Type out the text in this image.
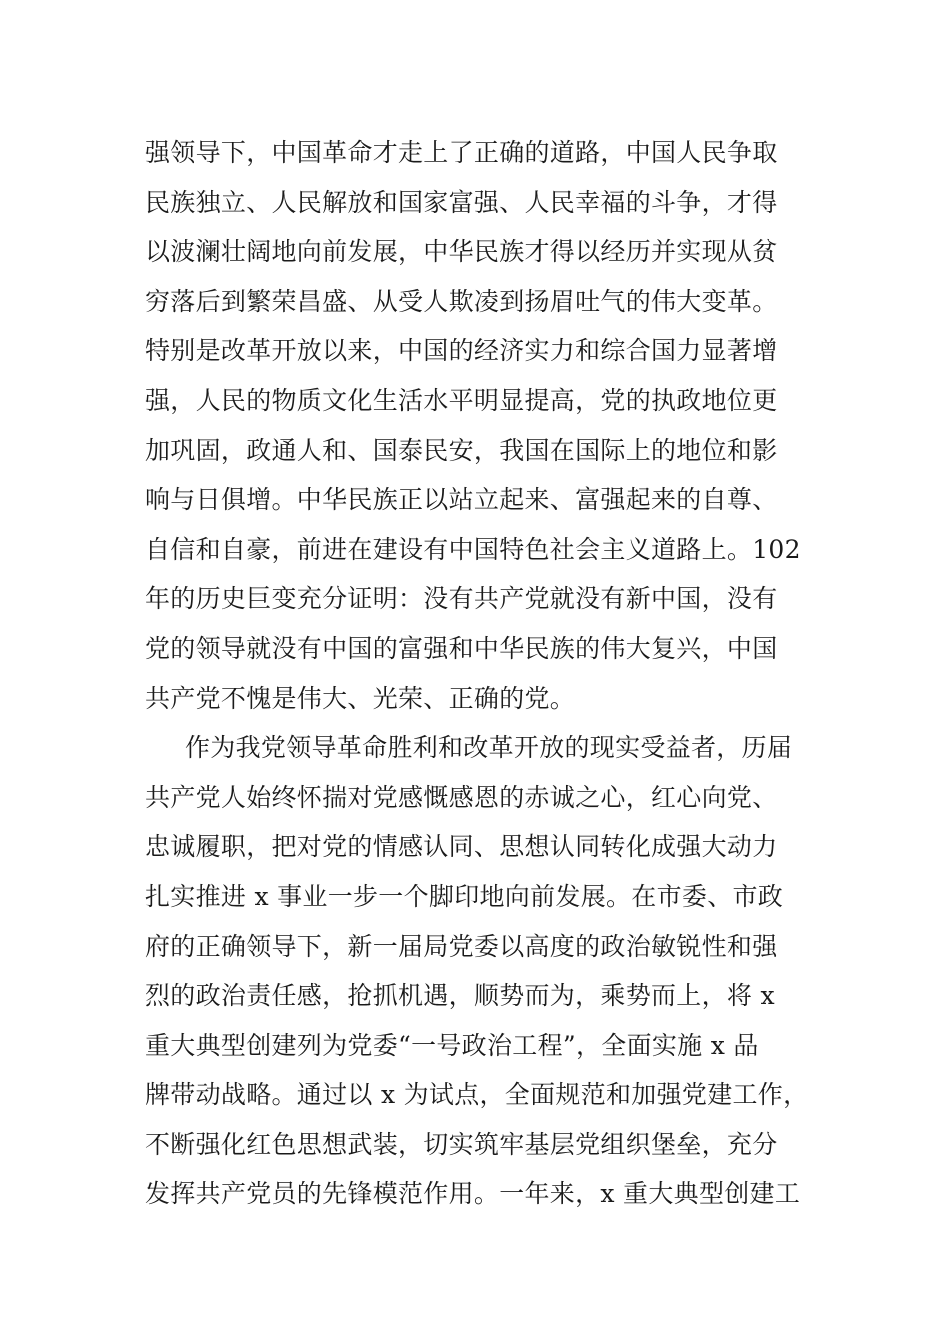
强领导下，中国革命才走上了正确的道路，中国人民争取
民族独立、人民解放和国家富强、人民幸福的斗争，才得
以波澜壮阔地向前发展，中华民族才得以经历并实现从贫
穷落后到繁荣昌盛、从受人欺凌到扬眉吐气的伟大变革。
特别是改革开放以来，中国的经济实力和综合国力显著增
强，人民的物质文化生活水平明显提高，党的执政地位更
加巩固，政通人和、国泰民安，我国在国际上的地位和影
响与日俱增。中华民族正以站立起来、富强起来的自尊、
自信和自豪，前进在建设有中国特色社会主义道路上。102
年的历史巨变充分证明：没有共产党就没有新中国，没有
党的领导就没有中国的富强和中华民族的伟大复兴，中国
共产党不愧是伟大、光荣、正确的党。
作为我党领导革命胜利和改革开放的现实受益者，历届
共产党人始终怀揣对党感慨感恩的赤诚之心，红心向党、
忠诚履职，把对党的情感认同、思想认同转化成强大动力
扎实推进 x 事业一步一个脚印地向前发展。在市委、市政
府的正确领导下，新一届局党委以高度的政治敏锐性和强
烈的政治责任感，抢抓机遇，顺势而为，乘势而上，将 x
重大典型创建列为党委“一号政治工程”，全面实施 x 品
牌带动战略。通过以 x 为试点，全面规范和加强党建工作，
不断强化红色思想武装，切实筑牢基层党组织堡垒，充分
发挥共产党员的先锋模范作用。一年来，x 重大典型创建工
